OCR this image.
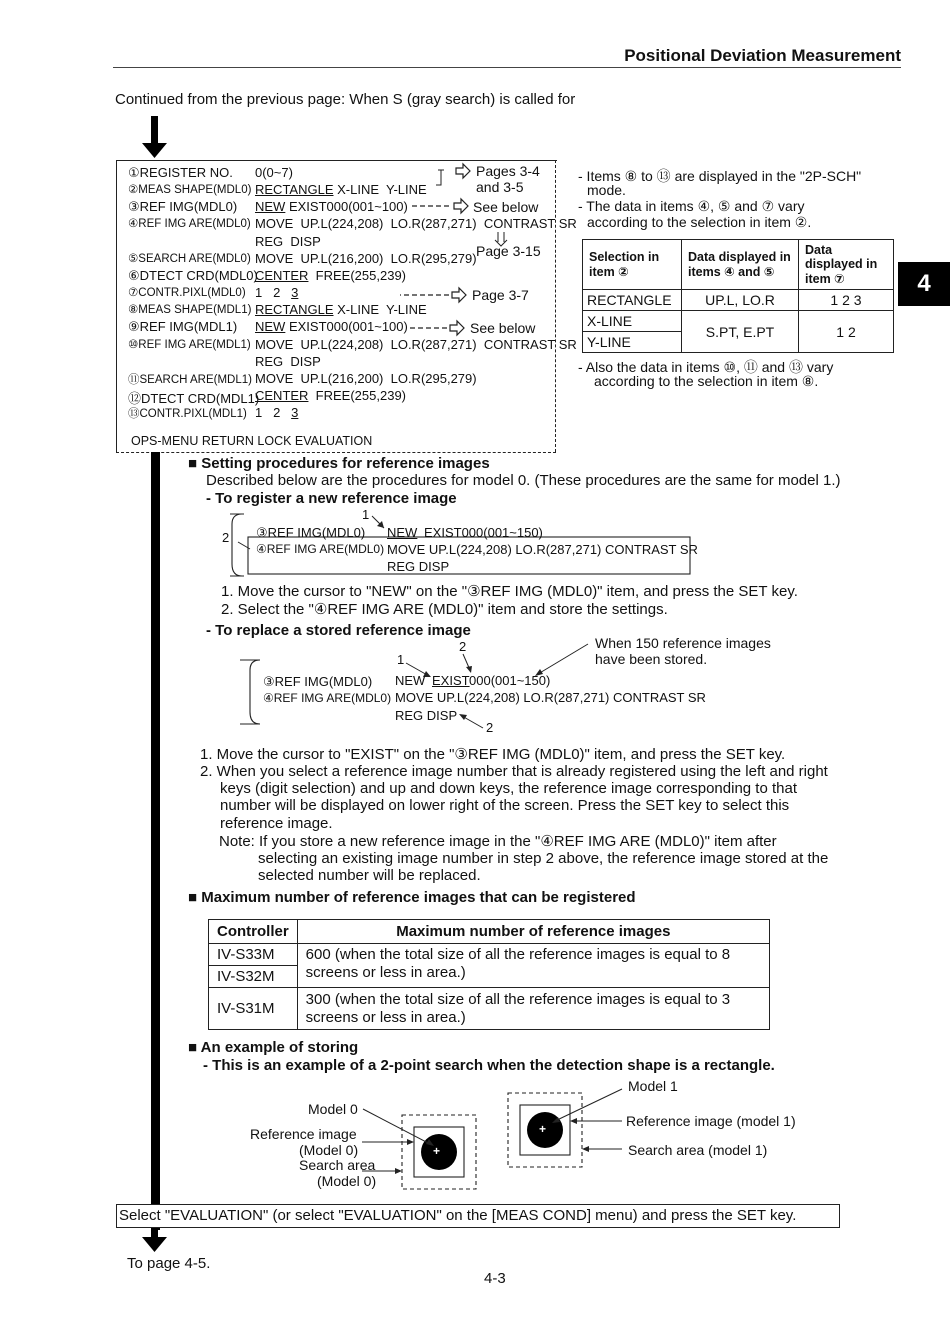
Positional Deviation Measurement
4
Continued from the previous page: When S (gray search) is called for
①REGISTER NO. 0(0~7)
②MEAS SHAPE(MDL0) RECTANGLE X-LINE  Y-LINE
③REF IMG(MDL0) NEW EXIST000(001~100)
④REF IMG ARE(MDL0) MOVE  UP.L(224,208)  LO.R(287,271)  CONTRAST SR
REG  DISP
⑤SEARCH ARE(MDL0) MOVE  UP.L(216,200)  LO.R(295,279)
⑥DTECT CRD(MDL0)
CENTER  FREE(255,239)
⑦CONTR.PIXL(MDL0) 1   2   3
⑧MEAS SHAPE(MDL1) RECTANGLE X-LINE  Y-LINE
⑨REF IMG(MDL1) NEW EXIST000(001~100)
⑩REF IMG ARE(MDL1) MOVE  UP.L(224,208)  LO.R(287,271)  CONTRAST SR
REG  DISP
⑪SEARCH ARE(MDL1) MOVE  UP.L(216,200)  LO.R(295,279)
⑫DTECT CRD(MDL1)
CENTER  FREE(255,239)
⑬CONTR.PIXL(MDL1) 1   2   3
OPS-MENU RETURN LOCK EVALUATION
Pages 3-4
and 3-5
See below
Page 3-15
Page 3-7
See below
- Items ⑧ to ⑬ are displayed in the "2P-SCH"
mode.
- The data in items ④, ⑤ and ⑦ vary
according to the selection in item ②.
Selection in item ②	Data displayed in items ④ and ⑤	Data displayed in item ⑦
RECTANGLE	UP.L, LO.R	1 2 3
X-LINE	S.PT, E.PT	1 2
Y-LINE		
- Also the data in items ⑩, ⑪ and ⑬ vary
according to the selection in item ⑧.
■ Setting procedures for reference images
Described below are the procedures for model 0. (These procedures are the same for model 1.)
- To register a new reference image
1
2 ③REF IMG(MDL0) NEW EXIST000(001~150)
④REF IMG ARE(MDL0) MOVE UP.L(224,208) LO.R(287,271) CONTRAST SR
REG DISP
1. Move the cursor to "NEW" on the "③REF IMG (MDL0)" item, and press the SET key.
2. Select the "④REF IMG ARE (MDL0)" item and store the settings.
- To replace a stored reference image
When 150 reference images
have been stored.
2
1
③REF IMG(MDL0) NEW EXIST 000(001~150)
④REF IMG ARE(MDL0) MOVE UP.L(224,208) LO.R(287,271) CONTRAST SR
REG DISP
2
1. Move the cursor to "EXIST" on the "③REF IMG (MDL0)" item, and press the SET key.
2. When you select a reference image number that is already registered using the left and right
keys (digit selection) and up and down keys, the reference image corresponding to that
number will be displayed on lower right of the screen. Press the SET key to select this
reference image.
Note: If you store a new reference image in the "④REF IMG ARE (MDL0)" item after
selecting an existing image number in step 2 above, the reference image stored at the
selected number will be replaced.
■ Maximum number of reference images that can be registered
Controller	Maximum number of reference images
IV-S33M	600 (when the total size of all the reference images is equal to 8
screens or less in area.)
IV-S32M	
IV-S31M	300 (when the total size of all the reference images is equal to 3
screens or less in area.)
■ An example of storing
- This is an example of a 2-point search when the detection shape is a rectangle.
+
+
Model 0
Reference image
(Model 0)
Search area
(Model 0)
Model 1
Reference image (model 1)
Search area (model 1)
Select "EVALUATION" (or select "EVALUATION" on the [MEAS COND] menu) and press the SET key.
To page 4-5.
4-3
